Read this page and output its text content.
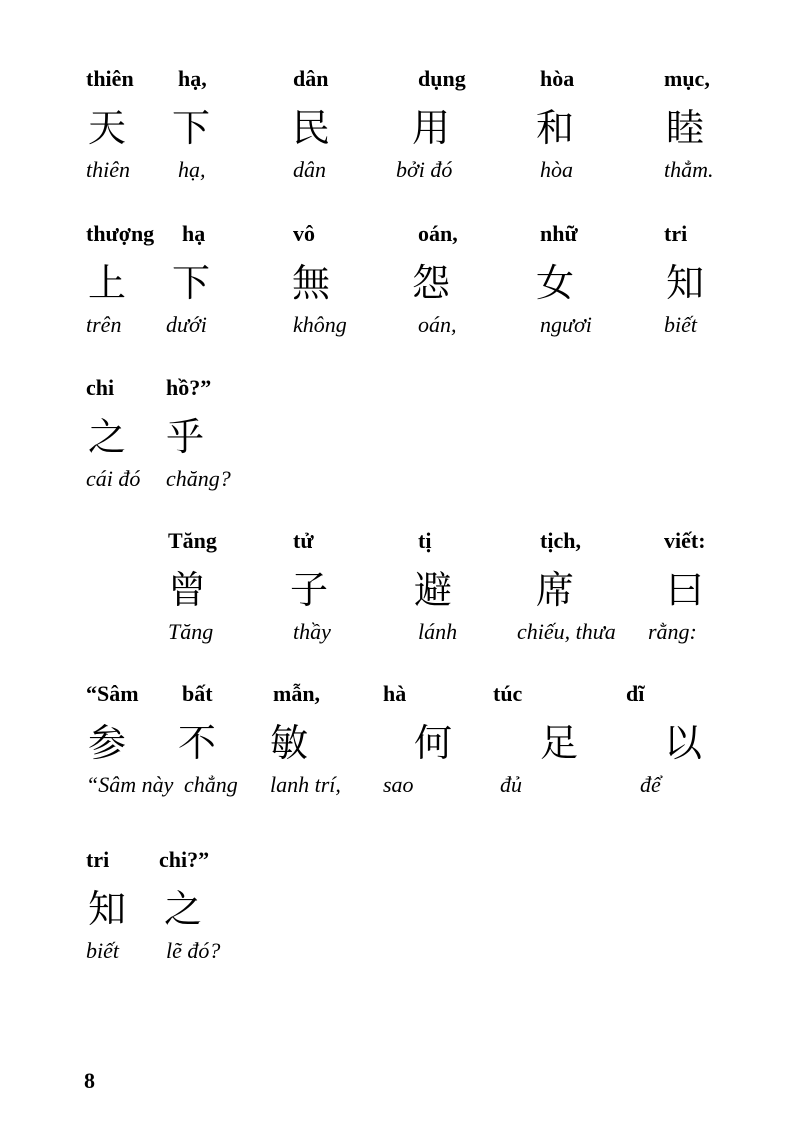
thiên
天
thiên
hạ,
下
hạ,
dân
民
dân
dụng
用
bởi đó
hòa
和
hòa
mục,
睦
thẳm.
thượng
上
trên
hạ
下
dưới
vô
無
không
oán,
怨
oán,
nhữ
女
ngươi
tri
知
biết
chi
之
cái đó
hồ?”
乎
chăng?
Tăng
曾
Tăng
tử
子
thầy
tị
避
lánh
tịch,
席
chiếu, thưa
viết:
曰
rằng:
“Sâm
参
“Sâm này
bất
不
chẳng
mẫn,
敏
lanh trí,
hà
何
sao
túc
足
đủ
dĩ
以
để
tri
知
biết
chi?”
之
lẽ đó?
8
